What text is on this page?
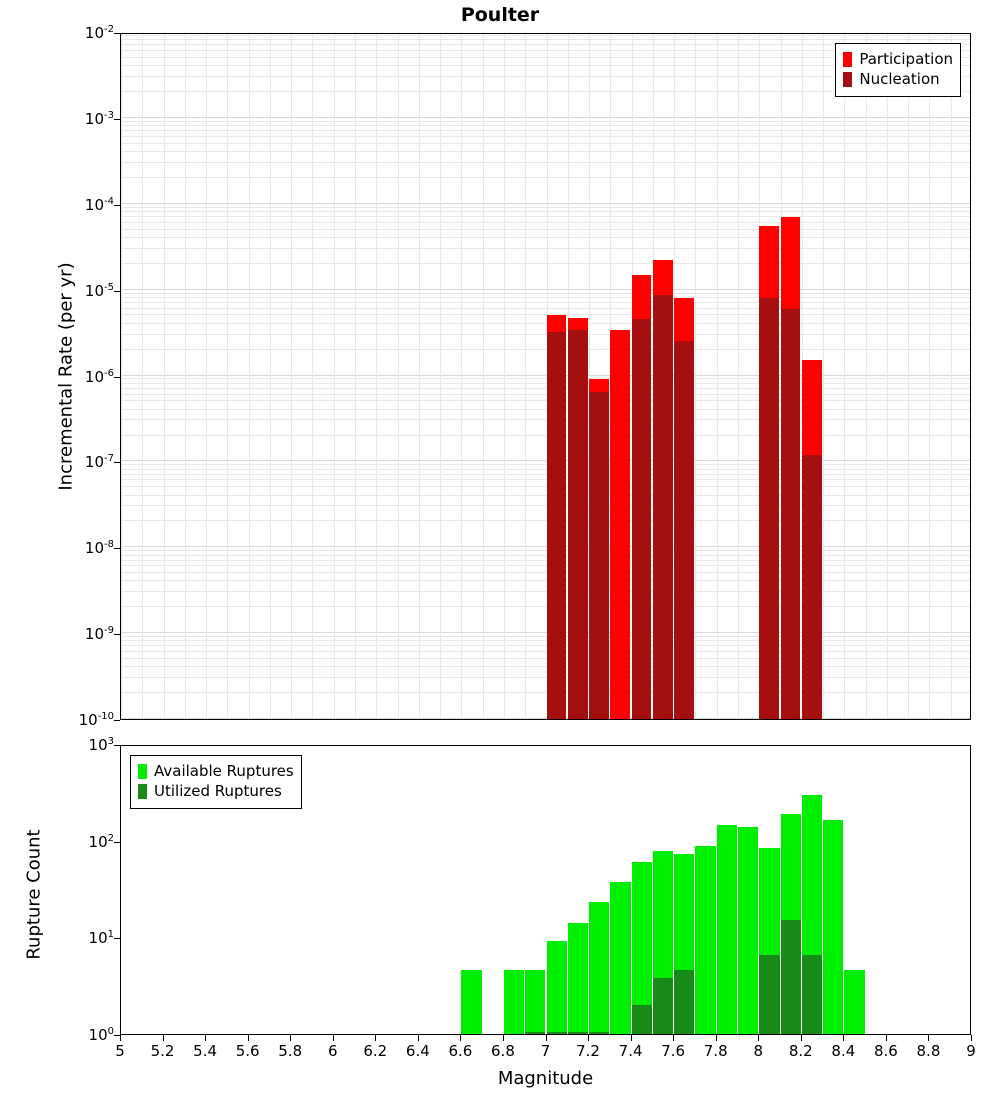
Poulter
Participation
Nucleation
$10^{-2}$
$10^{-3}$
$10^{-4}$
$10^{-5}$
$10^{-6}$
$10^{-7}$
$10^{-8}$
$10^{-9}$
$10^{-10}$
Incremental Rate (per yr)
Available Ruptures
Utilized Ruptures
$10^3$
$10^2$
$10^1$
$10^0$
Rupture Count
5 5.2 5.4 5.6 5.8 6 6.2 6.4 6.6 6.8 7 7.2 7.4 7.6 7.8 8 8.2 8.4 8.6 8.8 9
Magnitude
